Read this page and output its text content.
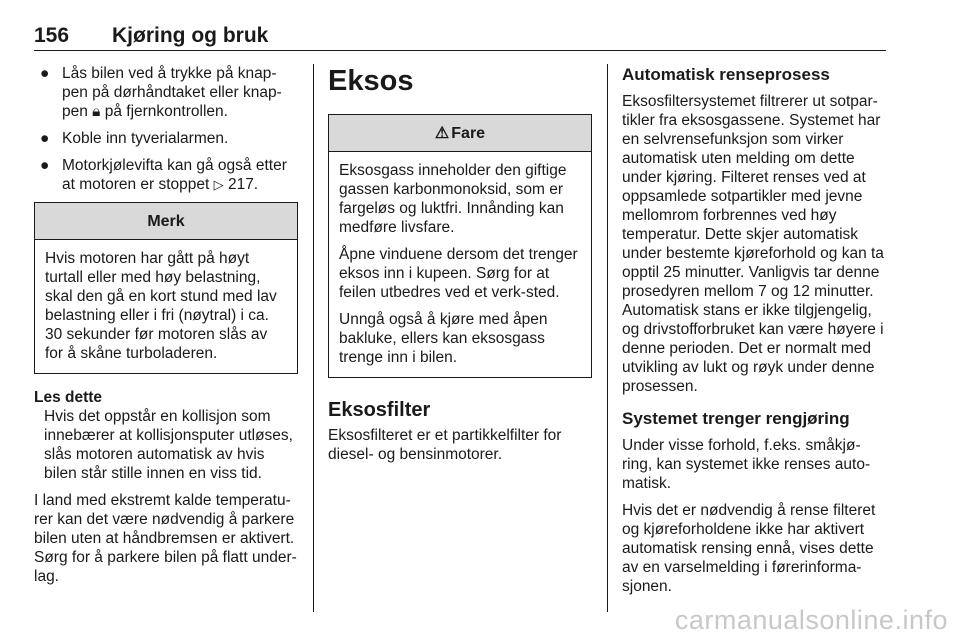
156 Kjøring og bruk
● Lås bilen ved å trykke på knap-pen på dørhåndtaket eller knap-pen 🔒︎ på fjernkontrollen.
● Koble inn tyverialarmen.
● Motorkjølevifta kan gå også etter at motoren er stoppet ▷ 217.
Merk

Hvis motoren har gått på høyt turtall eller med høy belastning, skal den gå en kort stund med lav belastning eller i fri (nøytral) i ca. 30 sekunder før motoren slås av for å skåne turboladeren.

Les dette
Hvis det oppstår en kollisjon som innebærer at kollisjonsputer utløses, slås motoren automatisk av hvis bilen står stille innen en viss tid.

I land med ekstremt kalde temperatu-rer kan det være nødvendig å parkere bilen uten at håndbremsen er aktivert. Sørg for å parkere bilen på flatt under-lag.

Eksos
⚠ Fare

Eksosgass inneholder den giftige gassen karbonmonoksid, som er fargeløs og luktfri. Innånding kan medføre livsfare.

Åpne vinduene dersom det trenger eksos inn i kupeen. Sørg for at feilen utbedres ved et verk-sted.

Unngå også å kjøre med åpen bakluke, ellers kan eksosgass trenge inn i bilen.

Eksosfilter

Eksosfilteret er et partikkelfilter for diesel- og bensinmotorer.

Automatisk renseprosess

Eksosfiltersystemet filtrerer ut sotpar-tikler fra eksosgassene. Systemet har en selvrensefunksjon som virker automatisk uten melding om dette under kjøring. Filteret renses ved at oppsamlede sotpartikler med jevne mellomrom forbrennes ved høy temperatur. Dette skjer automatisk under bestemte kjøreforhold og kan ta opptil 25 minutter. Vanligvis tar denne prosedyren mellom 7 og 12 minutter. Automatisk stans er ikke tilgjengelig, og drivstofforbruket kan være høyere i denne perioden. Det er normalt med utvikling av lukt og røyk under denne prosessen.

Systemet trenger rengjøring

Under visse forhold, f.eks. småkjø-ring, kan systemet ikke renses auto-matisk.

Hvis det er nødvendig å rense filteret og kjøreforholdene ikke har aktivert automatisk rensing ennå, vises dette av en varselmelding i førerinforma-sjonen.

carmanualsonline.info
